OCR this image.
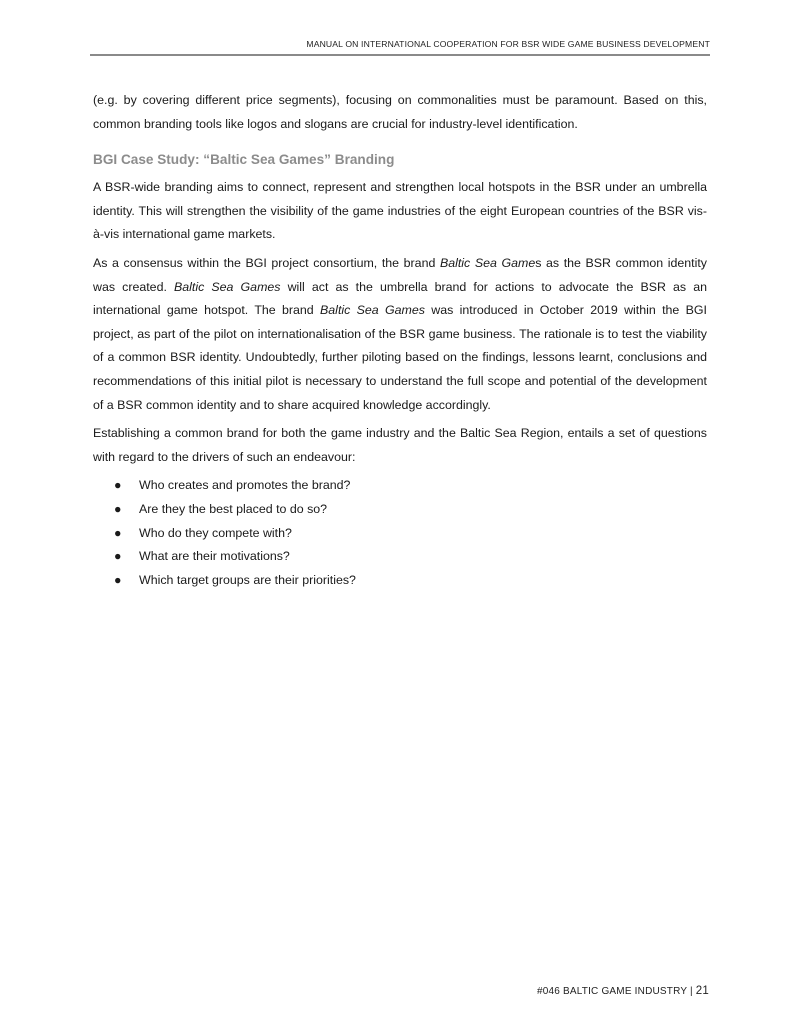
MANUAL ON INTERNATIONAL COOPERATION FOR BSR WIDE GAME BUSINESS DEVELOPMENT

(e.g. by covering different price segments), focusing on commonalities must be paramount. Based on this, common branding tools like logos and slogans are crucial for industry-level identification.

BGI Case Study: “Baltic Sea Games” Branding

A BSR-wide branding aims to connect, represent and strengthen local hotspots in the BSR under an umbrella identity. This will strengthen the visibility of the game industries of the eight European countries of the BSR vis-à-vis international game markets.

As a consensus within the BGI project consortium, the brand Baltic Sea Games as the BSR common identity was created. Baltic Sea Games will act as the umbrella brand for actions to advocate the BSR as an international game hotspot. The brand Baltic Sea Games was introduced in October 2019 within the BGI project, as part of the pilot on internationalisation of the BSR game business. The rationale is to test the viability of a common BSR identity. Undoubtedly, further piloting based on the findings, lessons learnt, conclusions and recommendations of this initial pilot is necessary to understand the full scope and potential of the development of a BSR common identity and to share acquired knowledge accordingly.

Establishing a common brand for both the game industry and the Baltic Sea Region, entails a set of questions with regard to the drivers of such an endeavour:

● Who creates and promotes the brand?
● Are they the best placed to do so?
● Who do they compete with?
● What are their motivations?
● Which target groups are their priorities?
#046 BALTIC GAME INDUSTRY | 21
